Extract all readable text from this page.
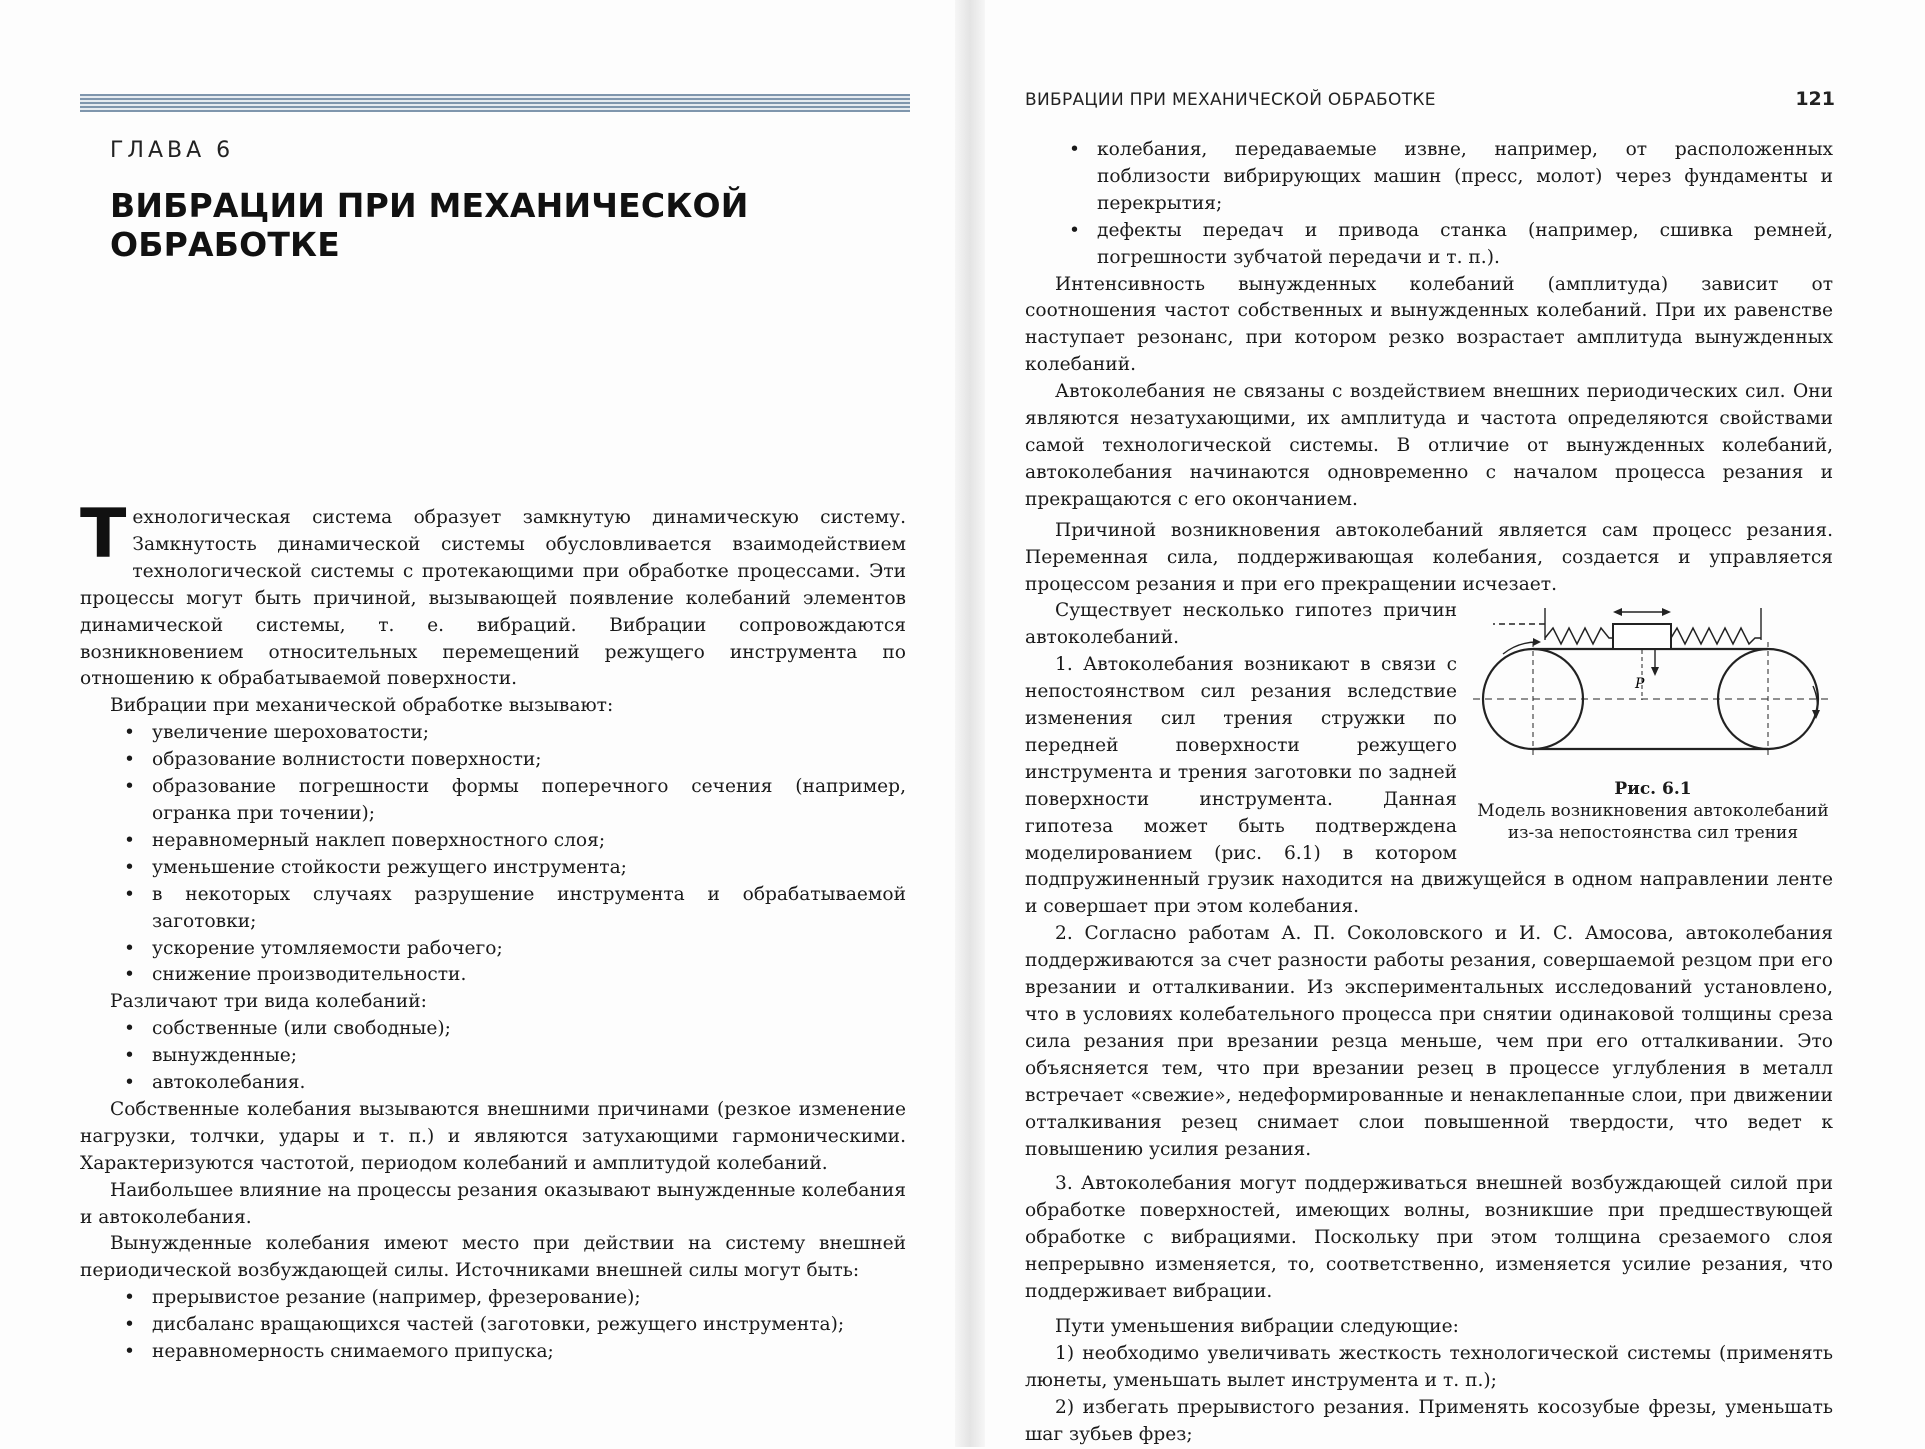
ГЛАВА 6
ВИБРАЦИИ ПРИ МЕХАНИЧЕСКОЙ ОБРАБОТКЕ

Технологическая система образует замкнутую динамическую систему. Замкнутость динамической системы обусловливается взаимодействием технологической системы с протекающими при обработке процессами. Эти процессы могут быть причиной, вызывающей появление колебаний элементов динамической системы, т. е. вибраций. Вибрации сопровождаются возникновением относительных перемещений режущего инструмента по отношению к обрабатываемой поверхности.

Вибрации при механической обработке вызывают:

• увеличение шероховатости;
• образование волнистости поверхности;
• образование погрешности формы поперечного сечения (например, огранка при точении);
• неравномерный наклеп поверхностного слоя;
• уменьшение стойкости режущего инструмента;
• в некоторых случаях разрушение инструмента и обрабатываемой заготовки;
• ускорение утомляемости рабочего;
• снижение производительности.

Различают три вида колебаний:

• собственные (или свободные);
• вынужденные;
• автоколебания.

Собственные колебания вызываются внешними причинами (резкое изменение нагрузки, толчки, удары и т. п.) и являются затухающими гармоническими. Характеризуются частотой, периодом колебаний и амплитудой колебаний.

Наибольшее влияние на процессы резания оказывают вынужденные колебания и автоколебания.

Вынужденные колебания имеют место при действии на систему внешней периодической возбуждающей силы. Источниками внешней силы могут быть:

• прерывистое резание (например, фрезерование);
• дисбаланс вращающихся частей (заготовки, режущего инструмента);
• неравномерность снимаемого припуска;
ВИБРАЦИИ ПРИ МЕХАНИЧЕСКОЙ ОБРАБОТКЕ	121
• колебания, передаваемые извне, например, от расположенных поблизости вибрирующих машин (пресс, молот) через фундаменты и перекрытия;
• дефекты передач и привода станка (например, сшивка ремней, погрешности зубчатой передачи и т. п.).

Интенсивность вынужденных колебаний (амплитуда) зависит от соотношения частот собственных и вынужденных колебаний. При их равенстве наступает резонанс, при котором резко возрастает амплитуда вынужденных колебаний.

Автоколебания не связаны с воздействием внешних периодических сил. Они являются незатухающими, их амплитуда и частота определяются свойствами самой технологической системы. В отличие от вынужденных колебаний, автоколебания начинаются одновременно с началом процесса резания и прекращаются с его окончанием.

Причиной возникновения автоколебаний является сам процесс резания. Переменная сила, поддерживающая колебания, создается и управляется процессом резания и при его прекращении исчезает.

P
Рис. 6.1
Модель возникновения автоколебаний из-за непостоянства сил трения

Существует несколько гипотез причин автоколебаний.

1. Автоколебания возникают в связи с непостоянством сил резания вследствие изменения сил трения стружки по передней поверхности режущего инструмента и трения заготовки по задней поверхности инструмента. Данная гипотеза может быть подтверждена моделированием (рис. 6.1) в котором подпружиненный грузик находится на движущейся в одном направлении ленте и совершает при этом колебания.

2. Согласно работам А. П. Соколовского и И. С. Амосова, автоколебания поддерживаются за счет разности работы резания, совершаемой резцом при его врезании и отталкивании. Из экспериментальных исследований установлено, что в условиях колебательного процесса при снятии одинаковой толщины среза сила резания при врезании резца меньше, чем при его отталкивании. Это объясняется тем, что при врезании резец в процессе углубления в металл встречает «свежие», недеформированные и ненаклепанные слои, при движении отталкивания резец снимает слои повышенной твердости, что ведет к повышению усилия резания.

3. Автоколебания могут поддерживаться внешней возбуждающей силой при обработке поверхностей, имеющих волны, возникшие при предшествующей обработке с вибрациями. Поскольку при этом толщина срезаемого слоя непрерывно изменяется, то, соответственно, изменяется усилие резания, что поддерживает вибрации.

Пути уменьшения вибрации следующие:

1) необходимо увеличивать жесткость технологической системы (применять люнеты, уменьшать вылет инструмента и т. п.);

2) избегать прерывистого резания. Применять косозубые фрезы, уменьшать шаг зубьев фрез;
